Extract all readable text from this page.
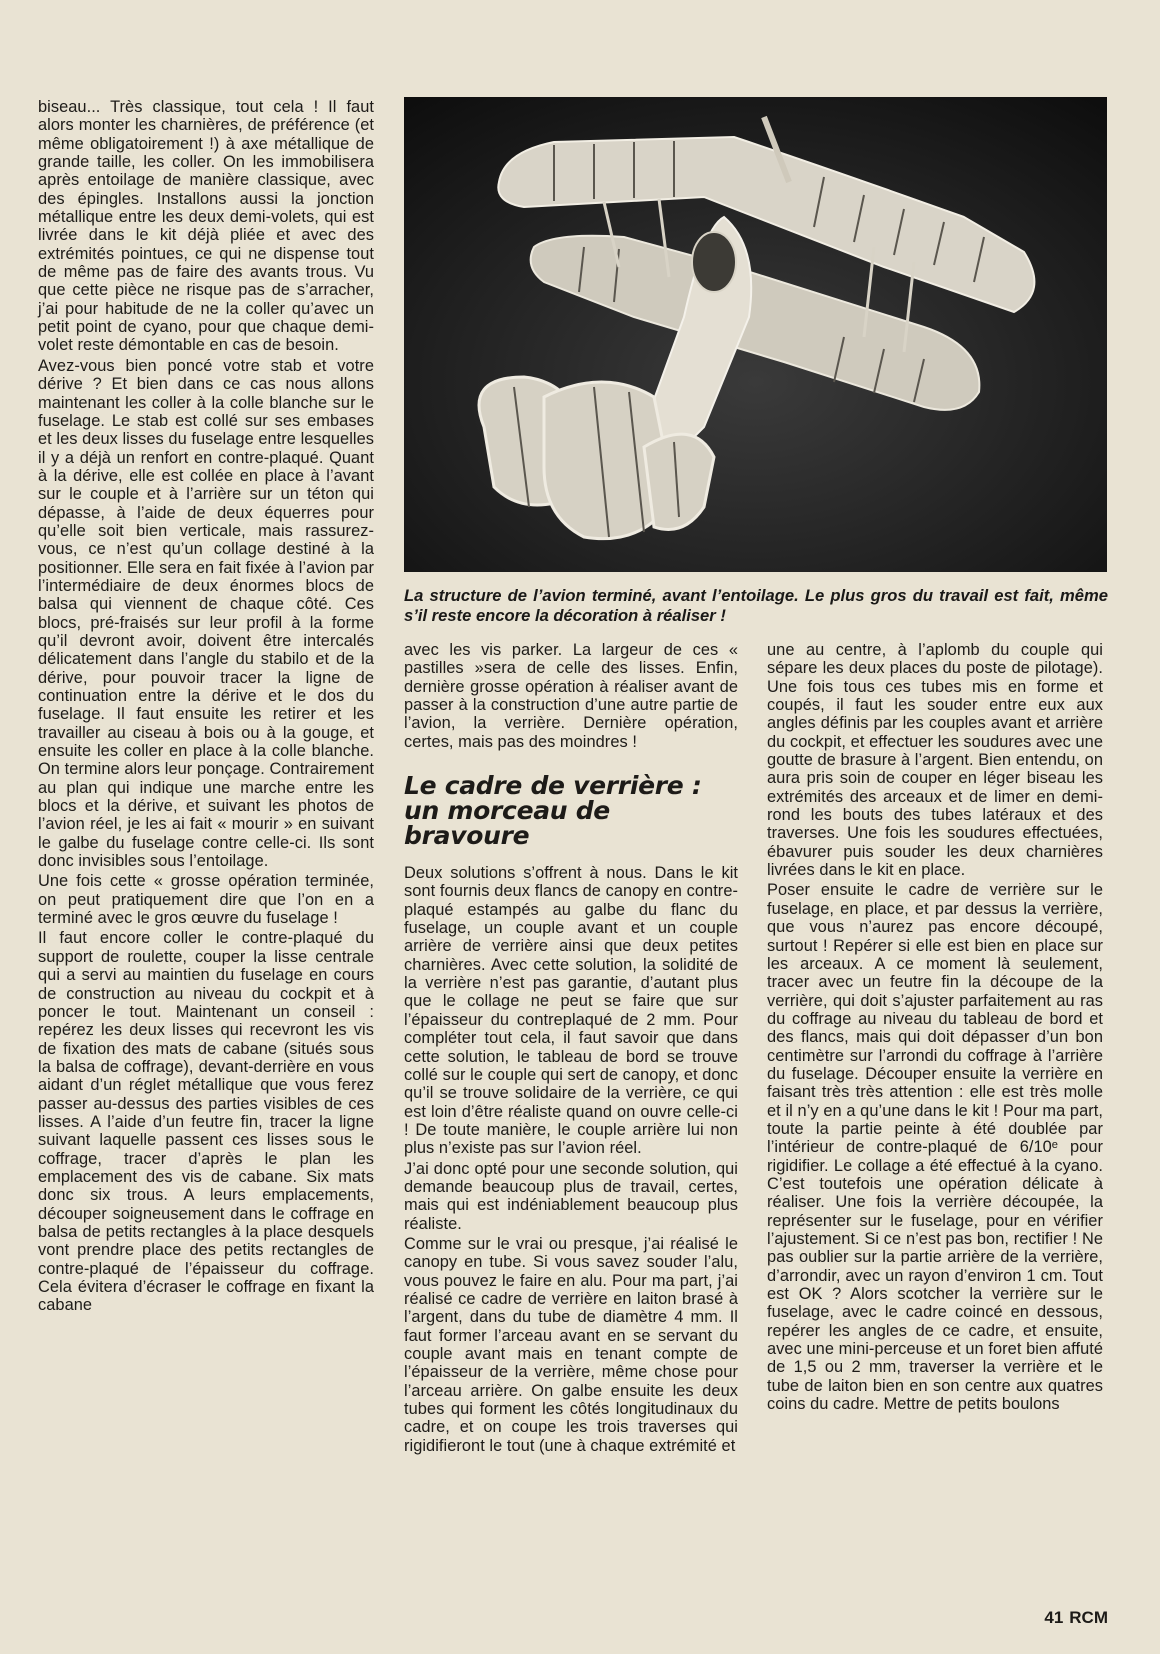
biseau... Très classique, tout cela ! Il faut alors monter les charnières, de préférence (et même obligatoirement !) à axe métallique de grande taille, les coller. On les immobilisera après entoilage de manière classique, avec des épingles. Installons aussi la jonction métallique entre les deux demi-volets, qui est livrée dans le kit déjà pliée et avec des extrémités pointues, ce qui ne dispense tout de même pas de faire des avants trous. Vu que cette pièce ne risque pas de s’arracher, j’ai pour habitude de ne la coller qu’avec un petit point de cyano, pour que chaque demi-volet reste démontable en cas de besoin.

Avez-vous bien poncé votre stab et votre dérive ? Et bien dans ce cas nous allons maintenant les coller à la colle blanche sur le fuselage. Le stab est collé sur ses embases et les deux lisses du fuselage entre lesquelles il y a déjà un renfort en contre-plaqué. Quant à la dérive, elle est collée en place à l’avant sur le couple et à l’arrière sur un téton qui dépasse, à l’aide de deux équerres pour qu’elle soit bien verticale, mais rassurez-vous, ce n’est qu’un collage destiné à la positionner. Elle sera en fait fixée à l’avion par l’intermédiaire de deux énormes blocs de balsa qui viennent de chaque côté. Ces blocs, pré-fraisés sur leur profil à la forme qu’il devront avoir, doivent être intercalés délicatement dans l’angle du stabilo et de la dérive, pour pouvoir tracer la ligne de continuation entre la dérive et le dos du fuselage. Il faut ensuite les retirer et les travailler au ciseau à bois ou à la gouge, et ensuite les coller en place à la colle blanche. On termine alors leur ponçage. Contrairement au plan qui indique une marche entre les blocs et la dérive, et suivant les photos de l’avion réel, je les ai fait « mourir » en suivant le galbe du fuselage contre celle-ci. Ils sont donc invisibles sous l’entoilage.

Une fois cette « grosse opération terminée, on peut pratiquement dire que l’on en a terminé avec le gros œuvre du fuselage !

Il faut encore coller le contre-plaqué du support de roulette, couper la lisse centrale qui a servi au maintien du fuselage en cours de construction au niveau du cockpit et à poncer le tout. Maintenant un conseil : repérez les deux lisses qui recevront les vis de fixation des mats de cabane (situés sous la balsa de coffrage), devant-derrière en vous aidant d’un réglet métallique que vous ferez passer au-dessus des parties visibles de ces lisses. A l’aide d’un feutre fin, tracer la ligne suivant laquelle passent ces lisses sous le coffrage, tracer d’après le plan les emplacement des vis de cabane. Six mats donc six trous. A leurs emplacements, découper soigneusement dans le coffrage en balsa de petits rectangles à la place desquels vont prendre place des petits rectangles de contre-plaqué de l’épaisseur du coffrage. Cela évitera d’écraser le coffrage en fixant la cabane

La structure de l’avion terminé, avant l’entoilage. Le plus gros du travail est fait, même s’il reste encore la décoration à réaliser !

avec les vis parker. La largeur de ces « pastilles »sera de celle des lisses. Enfin, dernière grosse opération à réaliser avant de passer à la construction d’une autre partie de l’avion, la verrière. Dernière opération, certes, mais pas des moindres !

Le cadre de verrière : un morceau de bravoure

Deux solutions s’offrent à nous. Dans le kit sont fournis deux flancs de canopy en contre-plaqué estampés au galbe du flanc du fuselage, un couple avant et un couple arrière de verrière ainsi que deux petites charnières. Avec cette solution, la solidité de la verrière n’est pas garantie, d’autant plus que le collage ne peut se faire que sur l’épaisseur du contreplaqué de 2 mm. Pour compléter tout cela, il faut savoir que dans cette solution, le tableau de bord se trouve collé sur le couple qui sert de canopy, et donc qu’il se trouve solidaire de la verrière, ce qui est loin d’être réaliste quand on ouvre celle-ci ! De toute manière, le couple arrière lui non plus n’existe pas sur l’avion réel.

J’ai donc opté pour une seconde solution, qui demande beaucoup plus de travail, certes, mais qui est indéniablement beaucoup plus réaliste.

Comme sur le vrai ou presque, j’ai réalisé le canopy en tube. Si vous savez souder l’alu, vous pouvez le faire en alu. Pour ma part, j’ai réalisé ce cadre de verrière en laiton brasé à l’argent, dans du tube de diamètre 4 mm. Il faut former l’arceau avant en se servant du couple avant mais en tenant compte de l’épaisseur de la verrière, même chose pour l’arceau arrière. On galbe ensuite les deux tubes qui forment les côtés longitudinaux du cadre, et on coupe les trois traverses qui rigidifieront le tout (une à chaque extrémité et

une au centre, à l’aplomb du couple qui sépare les deux places du poste de pilotage). Une fois tous ces tubes mis en forme et coupés, il faut les souder entre eux aux angles définis par les couples avant et arrière du cockpit, et effectuer les soudures avec une goutte de brasure à l’argent. Bien entendu, on aura pris soin de couper en léger biseau les extrémités des arceaux et de limer en demi-rond les bouts des tubes latéraux et des traverses. Une fois les soudures effectuées, ébavurer puis souder les deux charnières livrées dans le kit en place.

Poser ensuite le cadre de verrière sur le fuselage, en place, et par dessus la verrière, que vous n’aurez pas encore découpé, surtout ! Repérer si elle est bien en place sur les arceaux. A ce moment là seulement, tracer avec un feutre fin la découpe de la verrière, qui doit s’ajuster parfaitement au ras du coffrage au niveau du tableau de bord et des flancs, mais qui doit dépasser d’un bon centimètre sur l’arrondi du coffrage à l’arrière du fuselage. Découper ensuite la verrière en faisant très très attention : elle est très molle et il n’y en a qu’une dans le kit ! Pour ma part, toute la partie peinte à été doublée par l’intérieur de contre-plaqué de 6/10ᵉ pour rigidifier. Le collage a été effectué à la cyano. C’est toutefois une opération délicate à réaliser. Une fois la verrière découpée, la représenter sur le fuselage, pour en vérifier l’ajustement. Si ce n’est pas bon, rectifier ! Ne pas oublier sur la partie arrière de la verrière, d’arrondir, avec un rayon d’environ 1 cm. Tout est OK ? Alors scotcher la verrière sur le fuselage, avec le cadre coincé en dessous, repérer les angles de ce cadre, et ensuite, avec une mini-perceuse et un foret bien affuté de 1,5 ou 2 mm, traverser la verrière et le tube de laiton bien en son centre aux quatres coins du cadre. Mettre de petits boulons

41 RCM
